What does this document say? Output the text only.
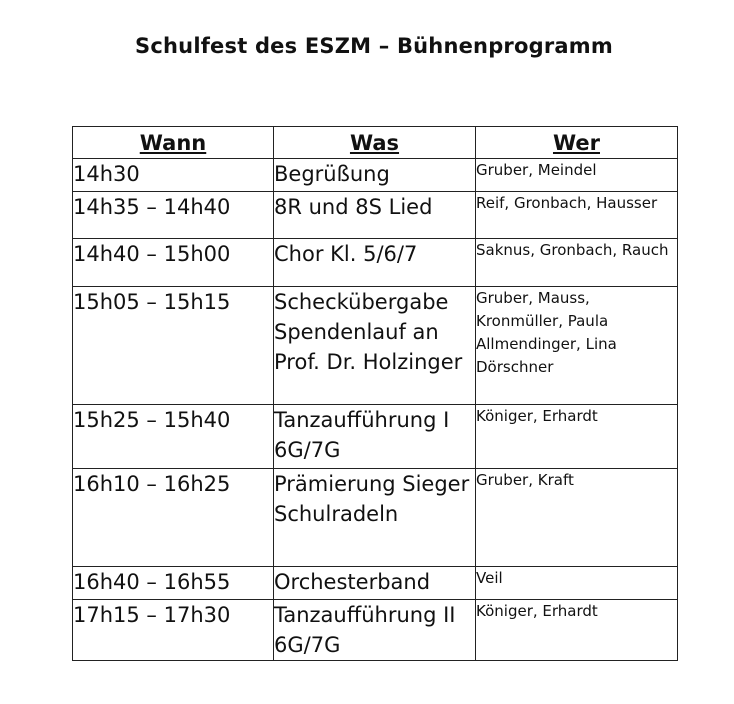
Schulfest des ESZM – Bühnenprogramm
Wann	Was	Wer
14h30	Begrüßung	Gruber, Meindel
14h35 – 14h40	8R und 8S Lied	Reif, Gronbach, Hausser
14h40 – 15h00	Chor Kl. 5/6/7	Saknus, Gronbach, Rauch
15h05 – 15h15	Scheckübergabe Spendenlauf an Prof. Dr. Holzinger	Gruber, Mauss, Kronmüller, Paula Allmendinger, Lina Dörschner
15h25 – 15h40	Tanzaufführung I 6G/7G	Königer, Erhardt
16h10 – 16h25	Prämierung Sieger Schulradeln	Gruber, Kraft
16h40 – 16h55	Orchesterband	Veil
17h15 – 17h30	Tanzaufführung II 6G/7G	Königer, Erhardt
